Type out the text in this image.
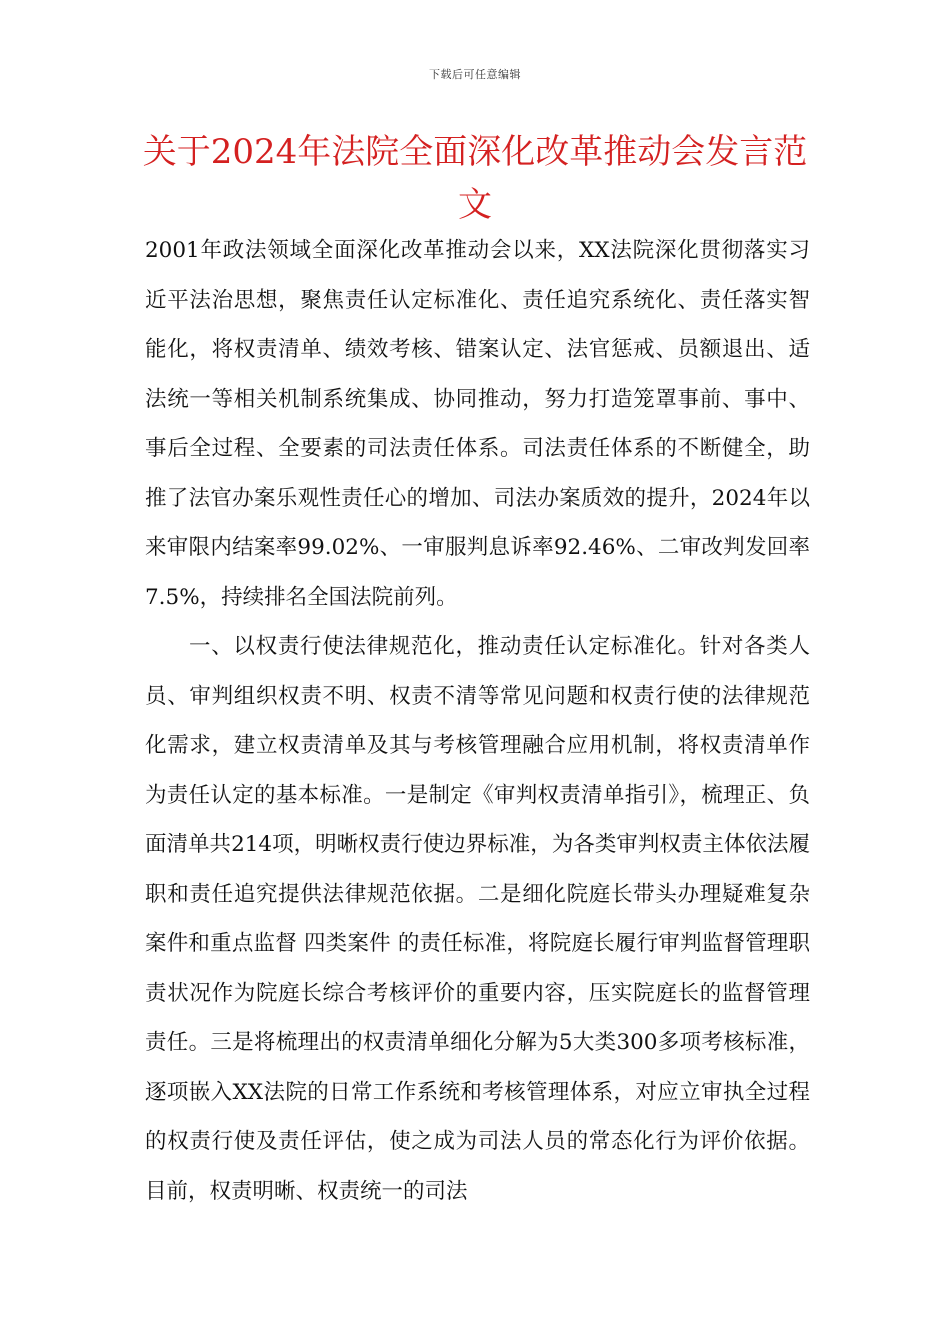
下载后可任意编辑
关于2024年法院全面深化改革推动会发言范文

2001年政法领域全面深化改革推动会以来，XX法院深化贯彻落实习近平法治思想，聚焦责任认定标准化、责任追究系统化、责任落实智能化，将权责清单、绩效考核、错案认定、法官惩戒、员额退出、适法统一等相关机制系统集成、协同推动，努力打造笼罩事前、事中、事后全过程、全要素的司法责任体系。司法责任体系的不断健全，助推了法官办案乐观性责任心的增加、司法办案质效的提升，2024年以来审限内结案率99.02%、一审服判息诉率92.46%、二审改判发回率7.5%，持续排名全国法院前列。

一、以权责行使法律规范化，推动责任认定标准化。针对各类人员、审判组织权责不明、权责不清等常见问题和权责行使的法律规范化需求，建立权责清单及其与考核管理融合应用机制，将权责清单作为责任认定的基本标准。一是制定《审判权责清单指引》，梳理正、负面清单共214项，明晰权责行使边界标准，为各类审判权责主体依法履职和责任追究提供法律规范依据。二是细化院庭长带头办理疑难复杂案件和重点监督 四类案件 的责任标准，将院庭长履行审判监督管理职责状况作为院庭长综合考核评价的重要内容，压实院庭长的监督管理责任。三是将梳理出的权责清单细化分解为5大类300多项考核标准，逐项嵌入XX法院的日常工作系统和考核管理体系，对应立审执全过程的权责行使及责任评估，使之成为司法人员的常态化行为评价依据。目前，权责明晰、权责统一的司法
